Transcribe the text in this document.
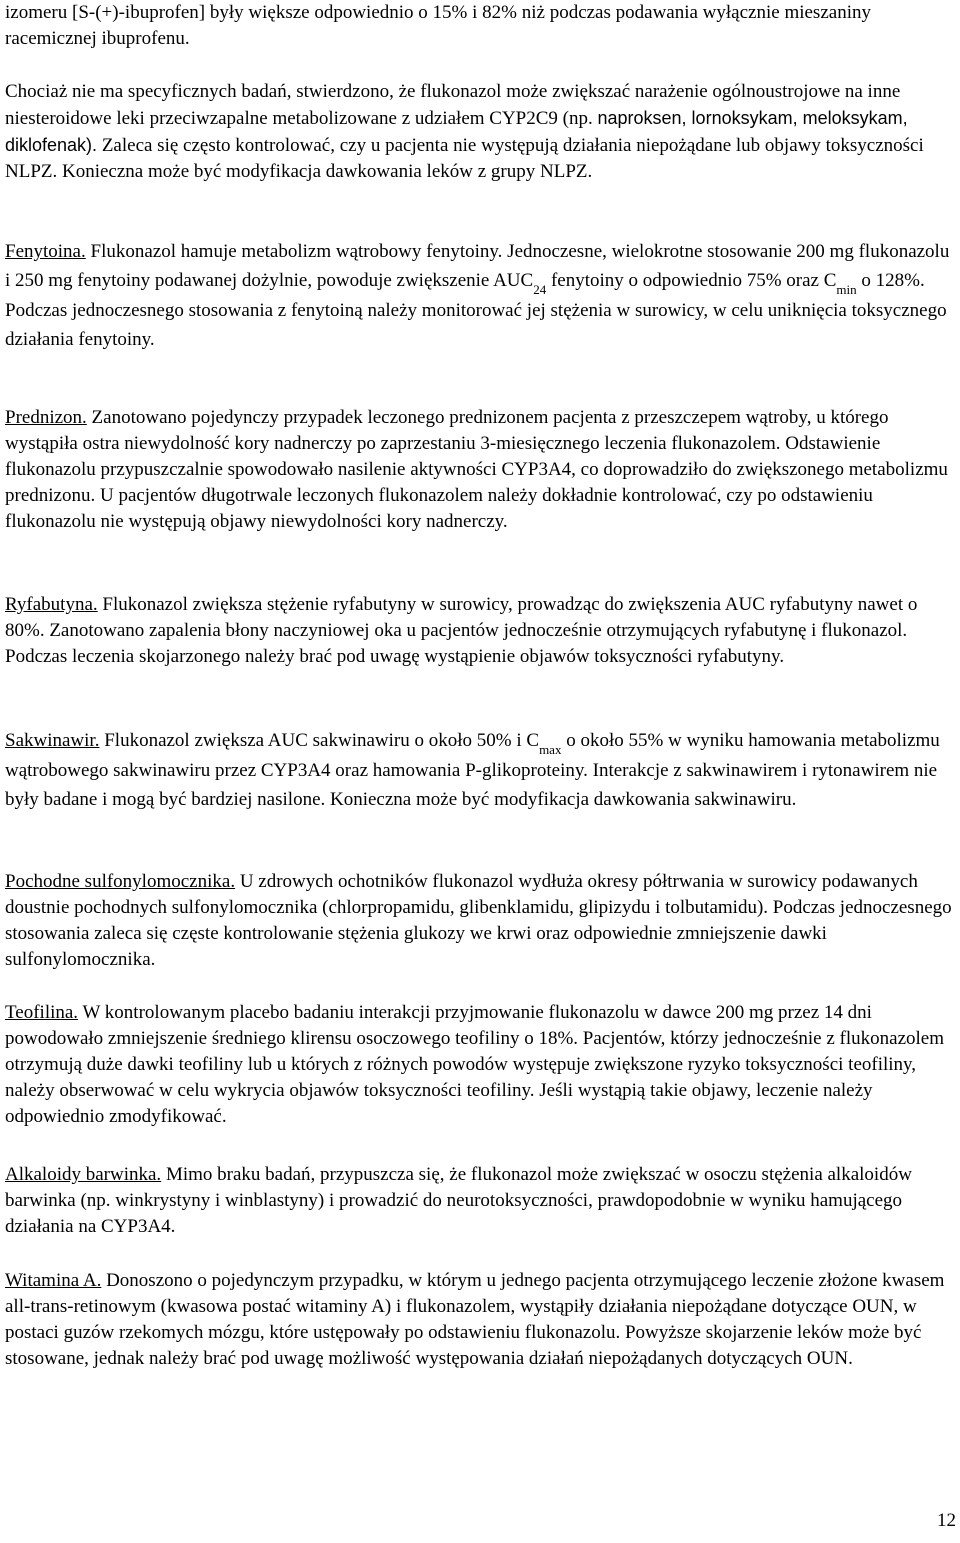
izomeru [S-(+)-ibuprofen] były większe odpowiednio o 15% i 82% niż podczas podawania wyłącznie mieszaniny racemicznej ibuprofenu.

Chociaż nie ma specyficznych badań, stwierdzono, że flukonazol może zwiększać narażenie ogólnoustrojowe na inne niesteroidowe leki przeciwzapalne metabolizowane z udziałem CYP2C9 (np. naproksen, lornoksykam, meloksykam, diklofenak). Zaleca się często kontrolować, czy u pacjenta nie występują działania niepożądane lub objawy toksyczności NLPZ. Konieczna może być modyfikacja dawkowania leków z grupy NLPZ.

Fenytoina. Flukonazol hamuje metabolizm wątrobowy fenytoiny. Jednoczesne, wielokrotne stosowanie 200 mg flukonazolu i 250 mg fenytoiny podawanej dożylnie, powoduje zwiększenie $AUC_{24}$ fenytoiny o odpowiednio 75% oraz $C_{min}$ o 128%. Podczas jednoczesnego stosowania z fenytoiną należy monitorować jej stężenia w surowicy, w celu uniknięcia toksycznego działania fenytoiny.

Prednizon. Zanotowano pojedynczy przypadek leczonego prednizonem pacjenta z przeszczepem wątroby, u którego wystąpiła ostra niewydolność kory nadnerczy po zaprzestaniu 3-miesięcznego leczenia flukonazolem. Odstawienie flukonazolu przypuszczalnie spowodowało nasilenie aktywności CYP3A4, co doprowadziło do zwiększonego metabolizmu prednizonu. U pacjentów długotrwale leczonych flukonazolem należy dokładnie kontrolować, czy po odstawieniu flukonazolu nie występują objawy niewydolności kory nadnerczy.

Ryfabutyna. Flukonazol zwiększa stężenie ryfabutyny w surowicy, prowadząc do zwiększenia AUC ryfabutyny nawet o 80%. Zanotowano zapalenia błony naczyniowej oka u pacjentów jednocześnie otrzymujących ryfabutynę i flukonazol. Podczas leczenia skojarzonego należy brać pod uwagę wystąpienie objawów toksyczności ryfabutyny.

Sakwinawir. Flukonazol zwiększa AUC sakwinawiru o około 50% i $C_{max}$ o około 55% w wyniku hamowania metabolizmu wątrobowego sakwinawiru przez CYP3A4 oraz hamowania P-glikoproteiny. Interakcje z sakwinawirem i rytonawirem nie były badane i mogą być bardziej nasilone. Konieczna może być modyfikacja dawkowania sakwinawiru.

Pochodne sulfonylomocznika. U zdrowych ochotników flukonazol wydłuża okresy półtrwania w surowicy podawanych doustnie pochodnych sulfonylomocznika (chlorpropamidu, glibenklamidu, glipizydu i tolbutamidu). Podczas jednoczesnego stosowania zaleca się częste kontrolowanie stężenia glukozy we krwi oraz odpowiednie zmniejszenie dawki sulfonylomocznika.

Teofilina. W kontrolowanym placebo badaniu interakcji przyjmowanie flukonazolu w dawce 200 mg przez 14 dni powodowało zmniejszenie średniego klirensu osoczowego teofiliny o 18%. Pacjentów, którzy jednocześnie z flukonazolem otrzymują duże dawki teofiliny lub u których z różnych powodów występuje zwiększone ryzyko toksyczności teofiliny, należy obserwować w celu wykrycia objawów toksyczności teofiliny. Jeśli wystąpią takie objawy, leczenie należy odpowiednio zmodyfikować.

Alkaloidy barwinka. Mimo braku badań, przypuszcza się, że flukonazol może zwiększać w osoczu stężenia alkaloidów barwinka (np. winkrystyny i winblastyny) i prowadzić do neurotoksyczności, prawdopodobnie w wyniku hamującego działania na CYP3A4.

Witamina A. Donoszono o pojedynczym przypadku, w którym u jednego pacjenta otrzymującego leczenie złożone kwasem all-trans-retinowym (kwasowa postać witaminy A) i flukonazolem, wystąpiły działania niepożądane dotyczące OUN, w postaci guzów rzekomych mózgu, które ustępowały po odstawieniu flukonazolu. Powyższe skojarzenie leków może być stosowane, jednak należy brać pod uwagę możliwość występowania działań niepożądanych dotyczących OUN.

12
